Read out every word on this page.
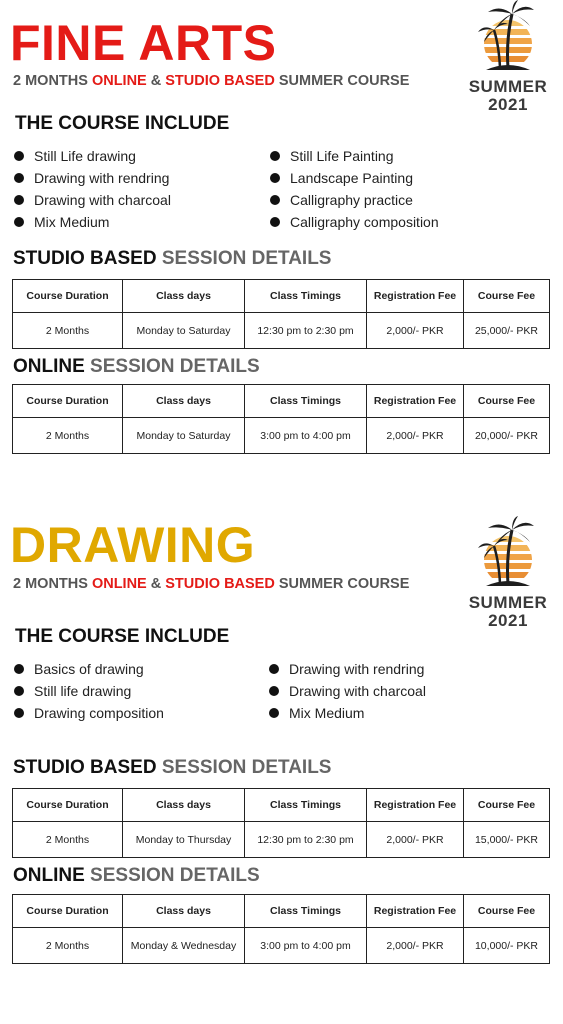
FINE ARTS
2 MONTHS ONLINE & STUDIO BASED SUMMER COURSE	SUMMER
2021
THE COURSE INCLUDE
Still Life drawing
Drawing with rendring
Drawing with charcoal
Mix Medium
Still Life Painting
Landscape Painting
Calligraphy practice
Calligraphy composition
STUDIO BASED SESSION DETAILS
Course Duration	Class days	Class Timings	Registration Fee	Course Fee
2 Months	Monday to Saturday	12:30 pm to 2:30 pm	2,000/- PKR	25,000/- PKR
ONLINE SESSION DETAILS
Course Duration	Class days	Class Timings	Registration Fee	Course Fee
2 Months	Monday to Saturday	3:00 pm to 4:00 pm	2,000/- PKR	20,000/- PKR
DRAWING
2 MONTHS ONLINE & STUDIO BASED SUMMER COURSE
SUMMER
2021
THE COURSE INCLUDE
Basics of drawing
Still life drawing
Drawing composition
Drawing with rendring
Drawing with charcoal
Mix Medium
STUDIO BASED SESSION DETAILS
Course Duration	Class days	Class Timings	Registration Fee	Course Fee
2 Months	Monday to Thursday	12:30 pm to 2:30 pm	2,000/- PKR	15,000/- PKR
ONLINE SESSION DETAILS
Course Duration	Class days	Class Timings	Registration Fee	Course Fee
2 Months	Monday & Wednesday	3:00 pm to 4:00 pm	2,000/- PKR	10,000/- PKR
